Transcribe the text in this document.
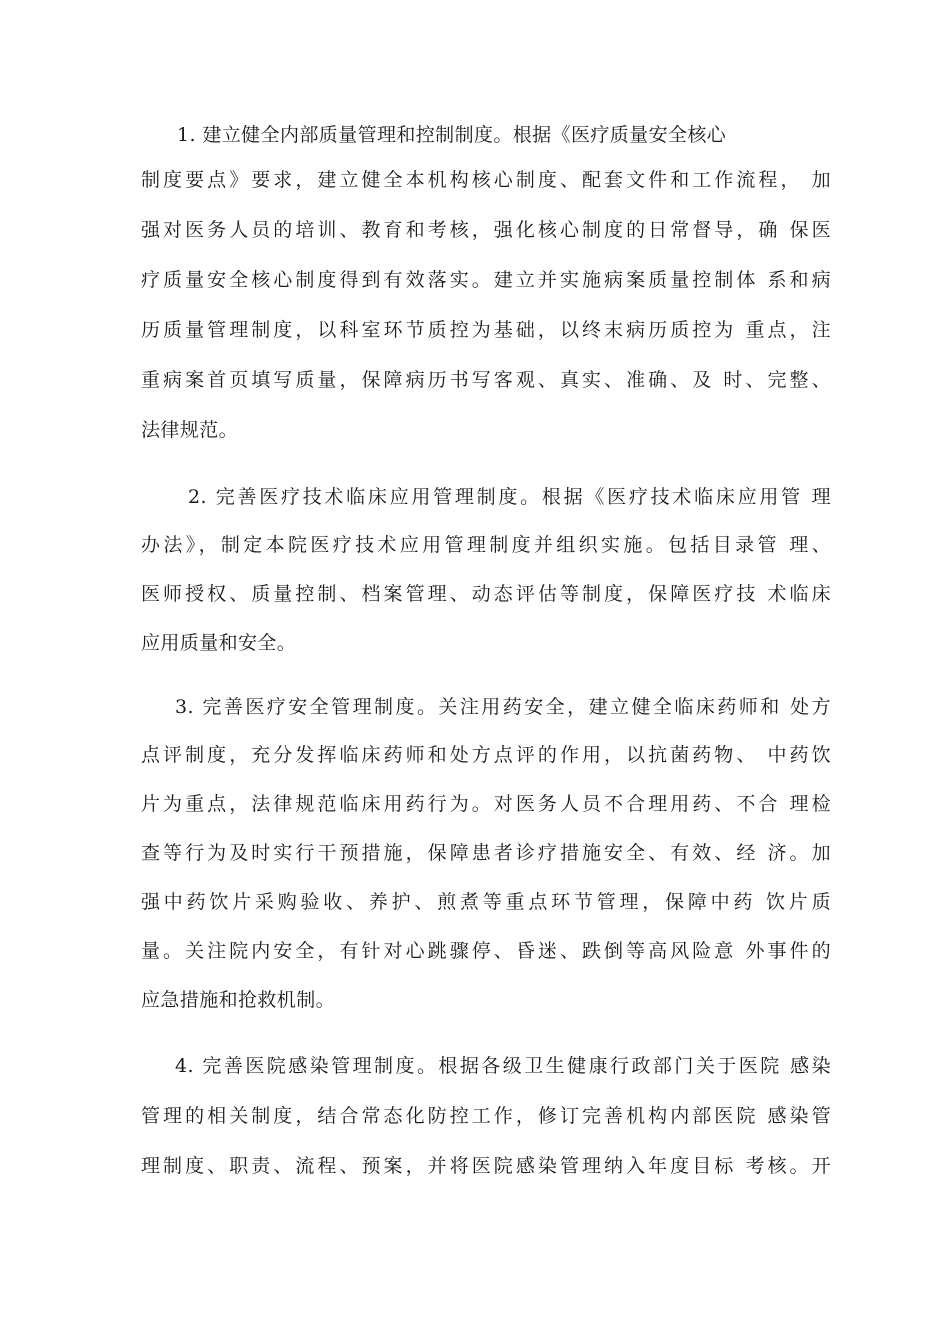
1. 建立健全内部质量管理和控制制度。根据《医疗质量安全核心
制度要点》要求，建立健全本机构核心制度、配套文件和工作流程， 加
强对医务人员的培训、教育和考核，强化核心制度的日常督导，确 保医
疗质量安全核心制度得到有效落实。建立并实施病案质量控制体 系和病
历质量管理制度，以科室环节质控为基础，以终末病历质控为 重点，注
重病案首页填写质量，保障病历书写客观、真实、准确、及 时、完整、
法律规范。
2. 完善医疗技术临床应用管理制度。根据《医疗技术临床应用管 理
办法》，制定本院医疗技术应用管理制度并组织实施。包括目录管 理、
医师授权、质量控制、档案管理、动态评估等制度，保障医疗技 术临床
应用质量和安全。
3. 完善医疗安全管理制度。关注用药安全，建立健全临床药师和 处方
点评制度，充分发挥临床药师和处方点评的作用，以抗菌药物、 中药饮
片为重点，法律规范临床用药行为。对医务人员不合理用药、不合 理检
查等行为及时实行干预措施，保障患者诊疗措施安全、有效、经 济。加
强中药饮片采购验收、养护、煎煮等重点环节管理，保障中药 饮片质
量。关注院内安全，有针对心跳骤停、昏迷、跌倒等高风险意 外事件的
应急措施和抢救机制。
4. 完善医院感染管理制度。根据各级卫生健康行政部门关于医院 感染
管理的相关制度，结合常态化防控工作，修订完善机构内部医院 感染管
理制度、职责、流程、预案，并将医院感染管理纳入年度目标 考核。开
